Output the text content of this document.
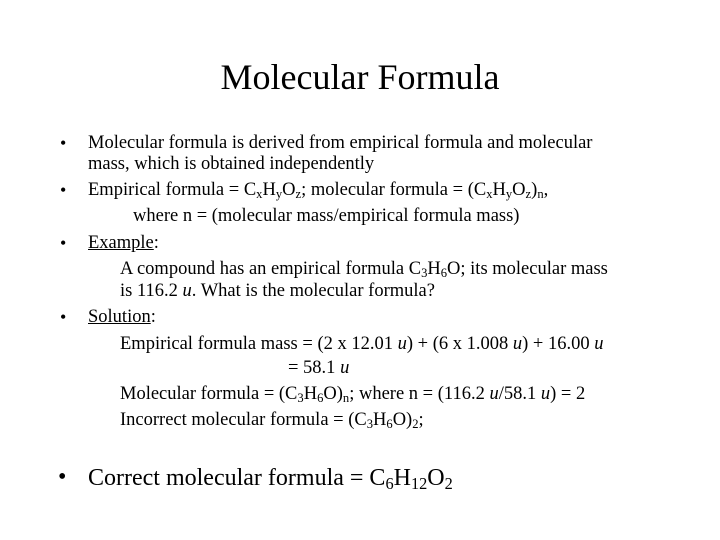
Molecular Formula
• Molecular formula is derived from empirical formula and molecular
mass, which is obtained independently
• Empirical formula = $C_xH_yO_z$; molecular formula = $(C_xH_yO_z)_n$,
where n = (molecular mass/empirical formula mass)
• Example:
A compound has an empirical formula $C_3H_6O$; its molecular mass
is 116.2 u. What is the molecular formula?
• Solution:
Empirical formula mass = (2 x 12.01 u) + (6 x 1.008 u) + 16.00 u
= 58.1 u
Molecular formula = $(C_3H_6O)_n$; where n = (116.2 u/58.1 u) = 2
Incorrect molecular formula = $(C_3H_6O)_2$;
• Correct molecular formula = $C_6H_{12}O_2$
